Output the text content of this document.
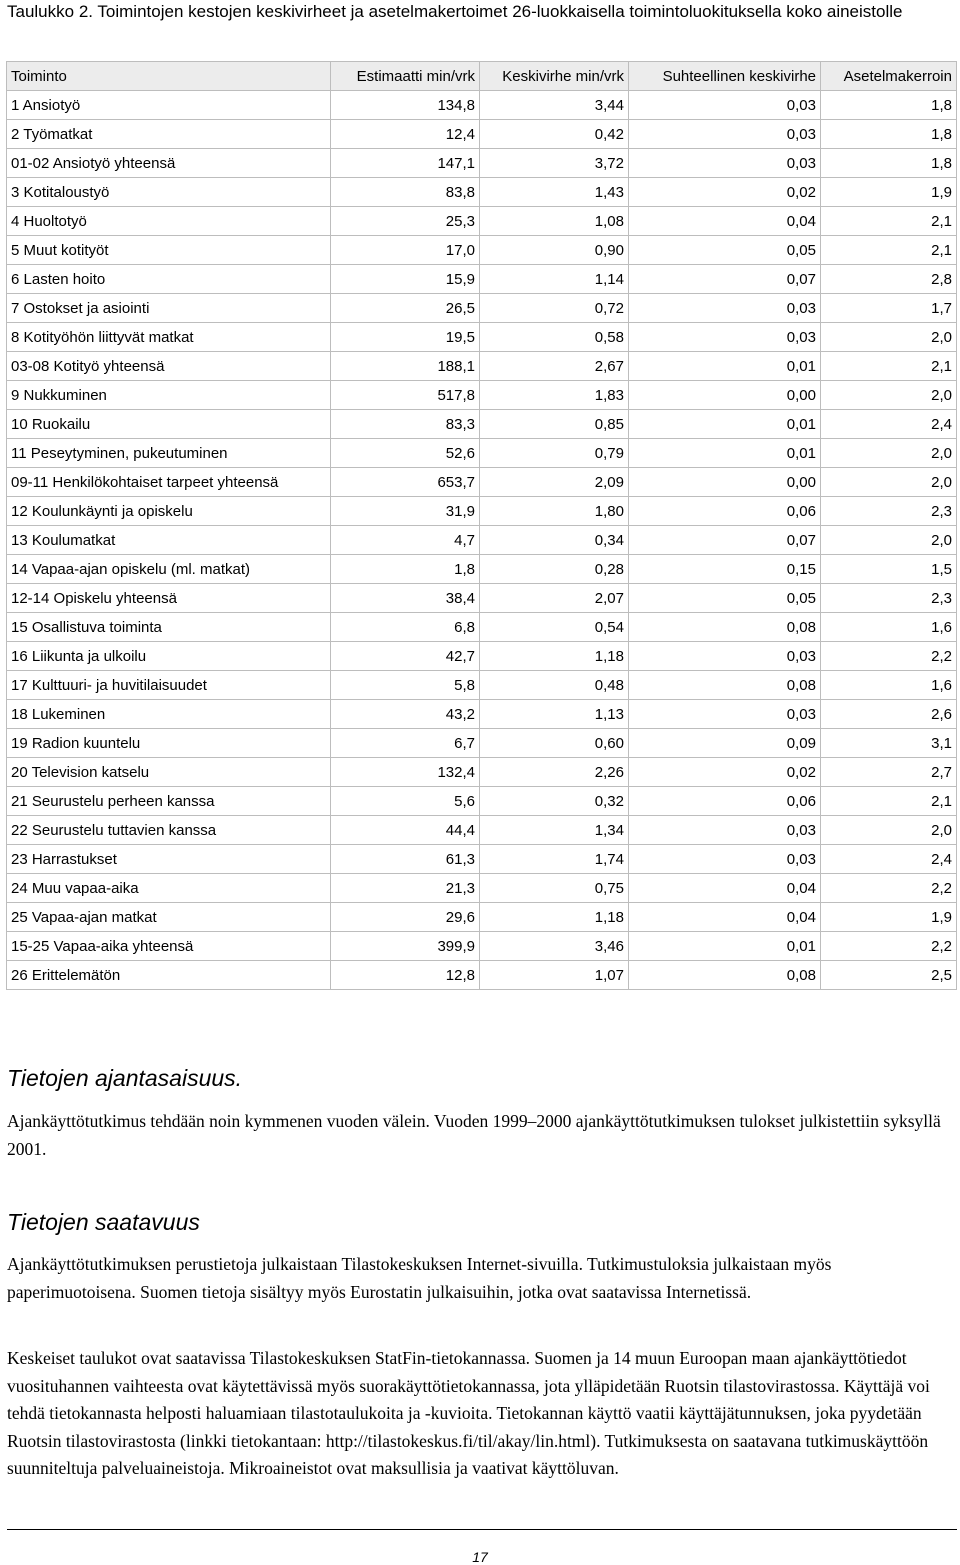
Taulukko 2. Toimintojen kestojen keskivirheet ja asetelmakertoimet 26-luokkaisella toimintoluokituksella koko aineistolle
Toiminto	Estimaatti min/vrk	Keskivirhe min/vrk	Suhteellinen keskivirhe	Asetelmakerroin
1 Ansiotyö	134,8	3,44	0,03	1,8
2 Työmatkat	12,4	0,42	0,03	1,8
01-02 Ansiotyö yhteensä	147,1	3,72	0,03	1,8
3 Kotitaloustyö	83,8	1,43	0,02	1,9
4 Huoltotyö	25,3	1,08	0,04	2,1
5 Muut kotityöt	17,0	0,90	0,05	2,1
6 Lasten hoito	15,9	1,14	0,07	2,8
7 Ostokset ja asiointi	26,5	0,72	0,03	1,7
8 Kotityöhön liittyvät matkat	19,5	0,58	0,03	2,0
03-08 Kotityö yhteensä	188,1	2,67	0,01	2,1
9 Nukkuminen	517,8	1,83	0,00	2,0
10 Ruokailu	83,3	0,85	0,01	2,4
11 Peseytyminen, pukeutuminen	52,6	0,79	0,01	2,0
09-11 Henkilökohtaiset tarpeet yhteensä	653,7	2,09	0,00	2,0
12 Koulunkäynti ja opiskelu	31,9	1,80	0,06	2,3
13 Koulumatkat	4,7	0,34	0,07	2,0
14 Vapaa-ajan opiskelu (ml. matkat)	1,8	0,28	0,15	1,5
12-14 Opiskelu yhteensä	38,4	2,07	0,05	2,3
15 Osallistuva toiminta	6,8	0,54	0,08	1,6
16 Liikunta ja ulkoilu	42,7	1,18	0,03	2,2
17 Kulttuuri- ja huvitilaisuudet	5,8	0,48	0,08	1,6
18 Lukeminen	43,2	1,13	0,03	2,6
19 Radion kuuntelu	6,7	0,60	0,09	3,1
20 Television katselu	132,4	2,26	0,02	2,7
21 Seurustelu perheen kanssa	5,6	0,32	0,06	2,1
22 Seurustelu tuttavien kanssa	44,4	1,34	0,03	2,0
23 Harrastukset	61,3	1,74	0,03	2,4
24 Muu vapaa-aika	21,3	0,75	0,04	2,2
25 Vapaa-ajan matkat	29,6	1,18	0,04	1,9
15-25 Vapaa-aika yhteensä	399,9	3,46	0,01	2,2
26 Erittelemätön	12,8	1,07	0,08	2,5
Tietojen ajantasaisuus.
Ajankäyttötutkimus tehdään noin kymmenen vuoden välein. Vuoden 1999–2000 ajankäyttötutkimuksen tulokset julkistettiin syksyllä 2001.
Tietojen saatavuus
Ajankäyttötutkimuksen perustietoja julkaistaan Tilastokeskuksen Internet-sivuilla. Tutkimustuloksia julkaistaan myös paperimuotoisena. Suomen tietoja sisältyy myös Eurostatin julkaisuihin, jotka ovat saatavissa Internetissä.
Keskeiset taulukot ovat saatavissa Tilastokeskuksen StatFin-tietokannassa. Suomen ja 14 muun Euroopan maan ajankäyttötiedot vuosituhannen vaihteesta ovat käytettävissä myös suorakäyttötietokannassa, jota ylläpidetään Ruotsin tilastovirastossa. Käyttäjä voi tehdä tietokannasta helposti haluamiaan tilastotaulukoita ja -kuvioita. Tietokannan käyttö vaatii käyttäjätunnuksen, joka pyydetään Ruotsin tilastovirastosta (linkki tietokantaan: http://tilastokeskus.fi/til/akay/lin.html). Tutkimuksesta on saatavana tutkimuskäyttöön suunniteltuja palveluaineistoja. Mikroaineistot ovat maksullisia ja vaativat käyttöluvan.
17
